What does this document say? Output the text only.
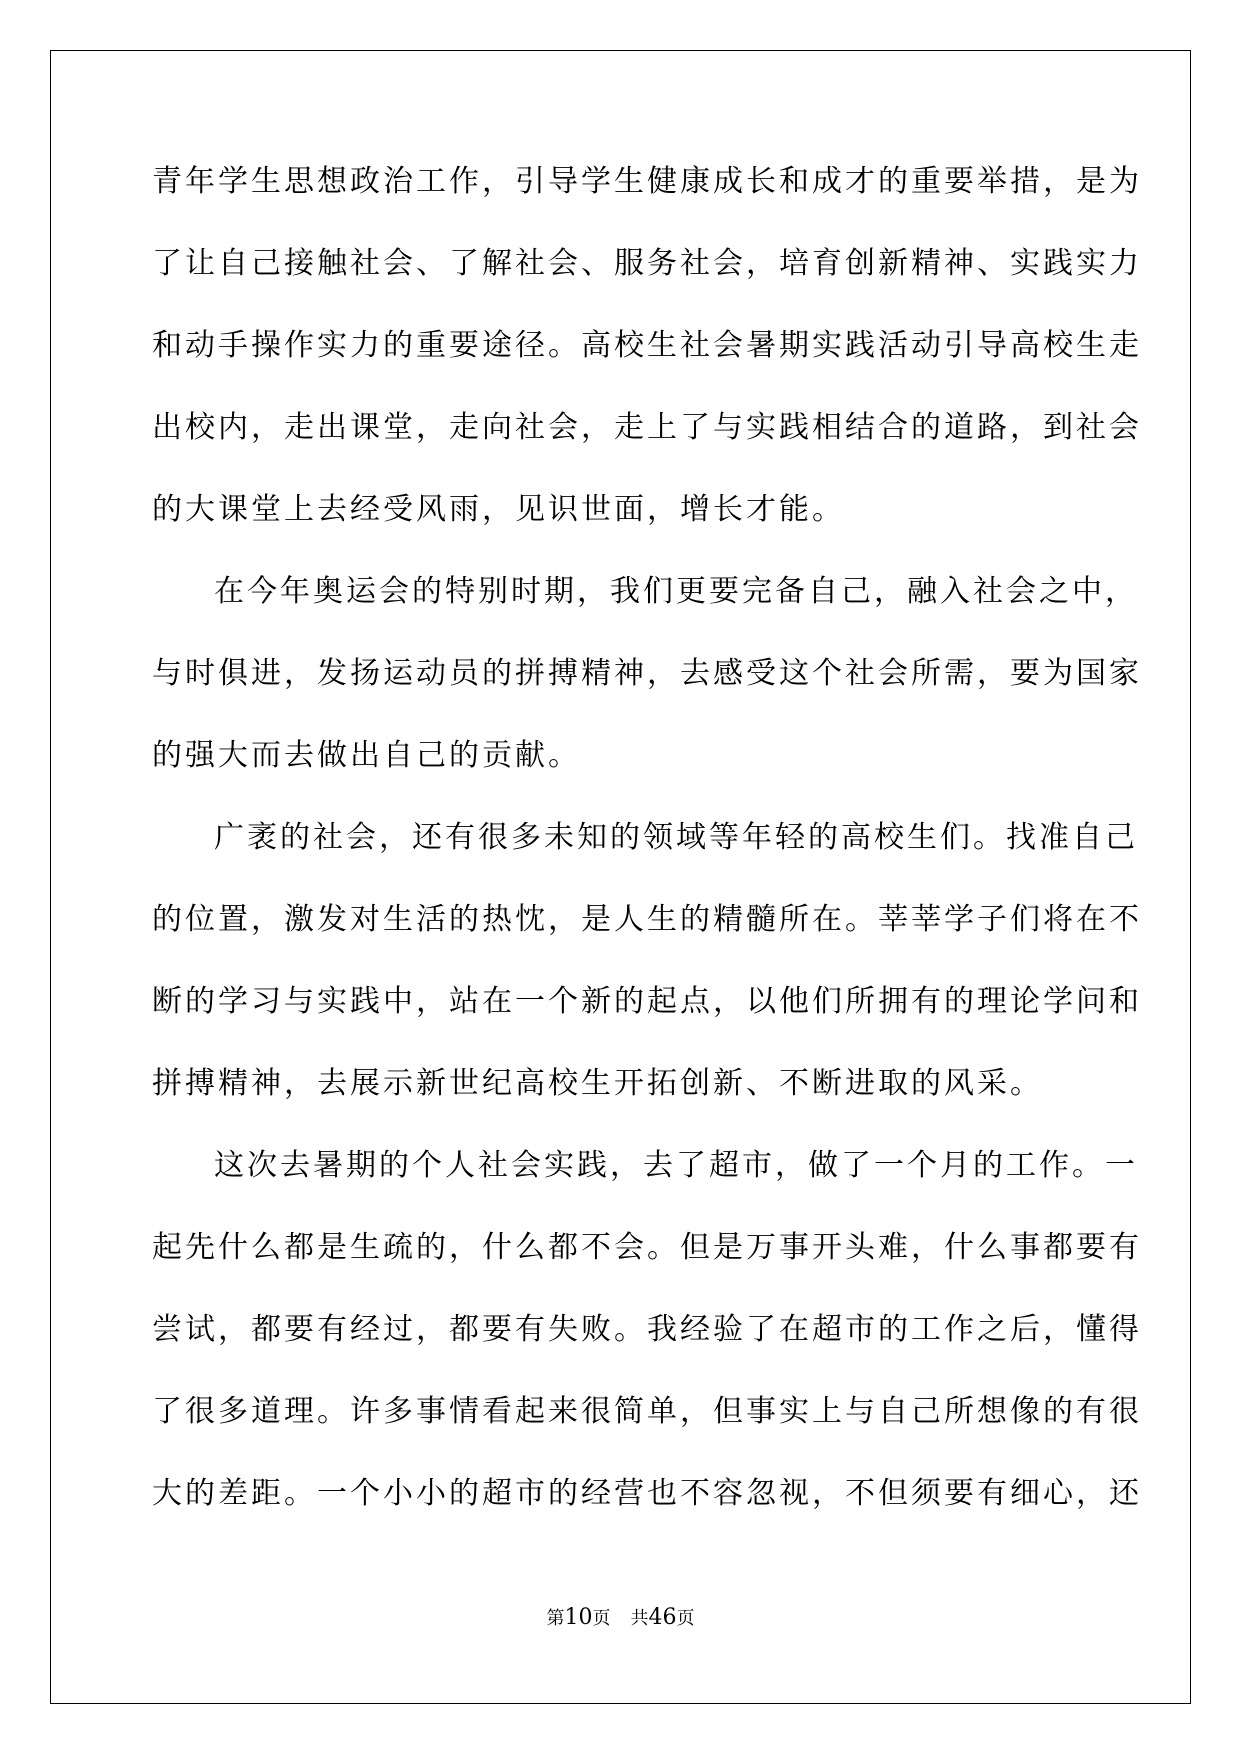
青年学生思想政治工作，引导学生健康成长和成才的重要举措，是为
了让自己接触社会、了解社会、服务社会，培育创新精神、实践实力
和动手操作实力的重要途径。高校生社会暑期实践活动引导高校生走
出校内，走出课堂，走向社会，走上了与实践相结合的道路，到社会
的大课堂上去经受风雨，见识世面，增长才能。
在今年奥运会的特别时期，我们更要完备自己，融入社会之中，
与时俱进，发扬运动员的拼搏精神，去感受这个社会所需，要为国家
的强大而去做出自己的贡献。
广袤的社会，还有很多未知的领域等年轻的高校生们。找准自己
的位置，激发对生活的热忱，是人生的精髓所在。莘莘学子们将在不
断的学习与实践中，站在一个新的起点，以他们所拥有的理论学问和
拼搏精神，去展示新世纪高校生开拓创新、不断进取的风采。
这次去暑期的个人社会实践，去了超市，做了一个月的工作。一
起先什么都是生疏的，什么都不会。但是万事开头难，什么事都要有
尝试，都要有经过，都要有失败。我经验了在超市的工作之后，懂得
了很多道理。许多事情看起来很简单，但事实上与自己所想像的有很
大的差距。一个小小的超市的经营也不容忽视，不但须要有细心，还
第10页 共46页
